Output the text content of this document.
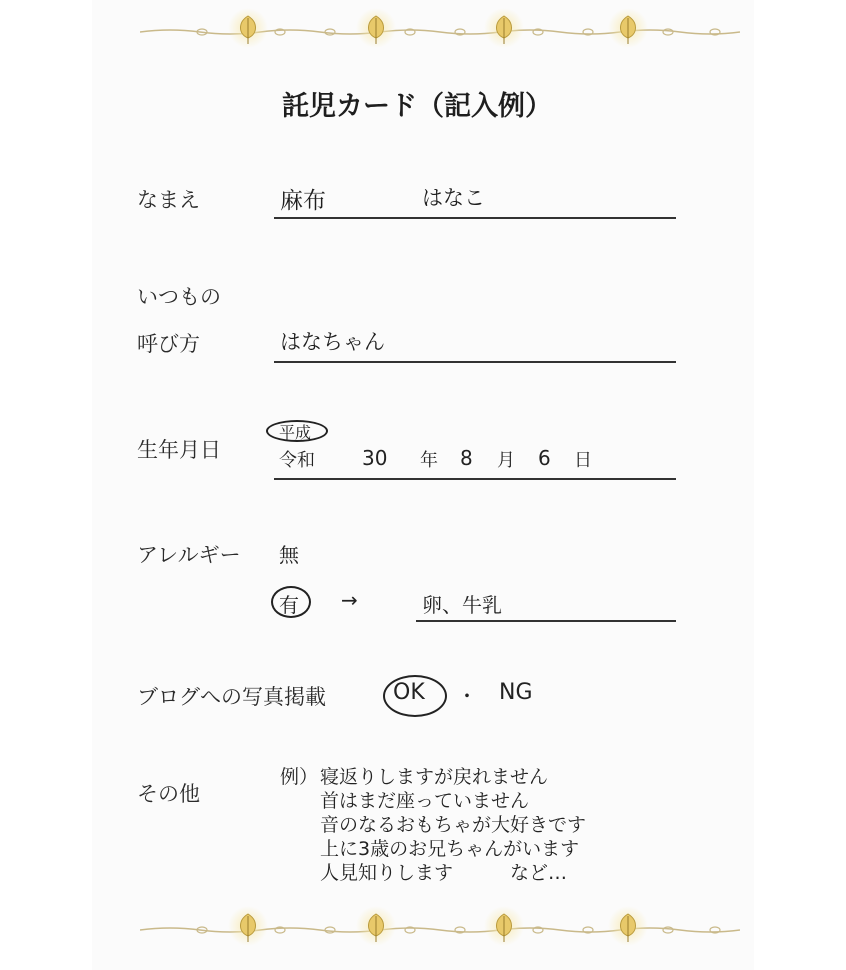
託児カード（記入例）
なまえ	麻布	はなこ
いつもの
呼び方	はなちゃん
生年月日
平成
令和 30 年 8 月 6 日
アレルギー 無
有 →	卵、牛乳
ブログへの写真掲載	OK ・ NG
その他
例） 寝返りしますが戻れません
首はまだ座っていません
音のなるおもちゃが大好きです
上に3歳のお兄ちゃんがいます
人見知りします　　　など…
